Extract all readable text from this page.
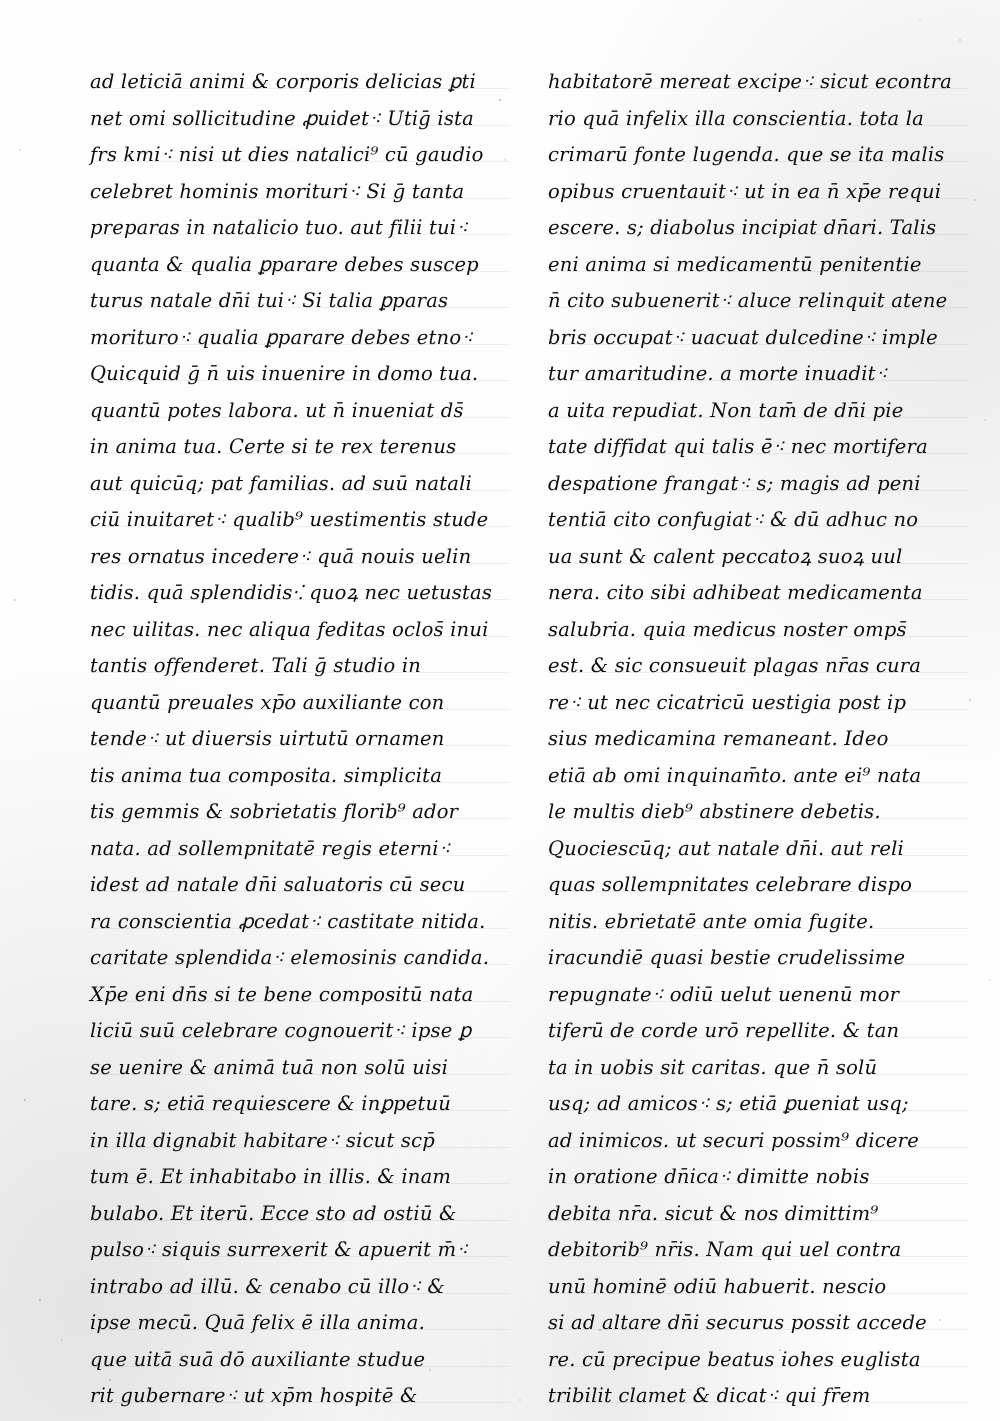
ad leticiā animi & corporis delicias ꝑti
net omi sollicitudine ꝓuidet⁖ Utiḡ ista
frs kmi⁖ nisi ut dies natalici⁹ cū gaudio
celebret hominis morituri⁖ Si ḡ tanta
preparas in natalicio tuo. aut filii tui⁖
quanta & qualia ꝑparare debes suscep
turus natale dn̄i tui⁖ Si talia ꝑparas
morituro⁖ qualia ꝑparare debes etno⁖
Quicquid ḡ n̄ uis inuenire in domo tua.
quantū potes labora. ut n̄ inueniat ds̄
in anima tua. Certe si te rex terenus
aut quicūq; pat familias. ad suū natali
ciū inuitaret⁖ qualib⁹ uestimentis stude
res ornatus incedere⁖ quā nouis uelin
tidis. quā splendidis⁖ quoꝝ nec uetustas
nec uilitas. nec aliqua feditas oclos̄ inui
tantis offenderet. Tali ḡ studio in
quantū preuales xp̄o auxiliante con
tende⁖ ut diuersis uirtutū ornamen
tis anima tua composita. simplicita
tis gemmis & sobrietatis florib⁹ ador
nata. ad sollempnitatē regis eterni⁖
idest ad natale dn̄i saluatoris cū secu
ra conscientia ꝓcedat⁖ castitate nitida.
caritate splendida⁖ elemosinis candida.
Xp̄e eni dn̄s si te bene compositū nata
liciū suū celebrare cognouerit⁖ ipse ꝑ
se uenire & animā tuā non solū uisi
tare. s; etiā requiescere & inꝑpetuū
in illa dignabit habitare⁖ sicut scp̄
tum ē. Et inhabitabo in illis. & inam
bulabo. Et iterū. Ecce sto ad ostiū &
pulso⁖ siquis surrexerit & apuerit m̄⁖
intrabo ad illū. & cenabo cū illo⁖ &
ipse mecū. Quā felix ē illa anima.
que uitā suā dō auxiliante studue
rit gubernare⁖ ut xp̄m hospitē &
habitatorē mereat excipe⁖ sicut econtra
rio quā infelix illa conscientia. tota la
crimarū fonte lugenda. que se ita malis
opibus cruentauit⁖ ut in ea n̄ xp̄e requi
escere. s; diabolus incipiat dn̄ari. Talis
eni anima si medicamentū penitentie
n̄ cito subuenerit⁖ aluce relinquit atene
bris occupat⁖ uacuat dulcedine⁖ imple
tur amaritudine. a morte inuadit⁖
a uita repudiat. Non tam̄ de dn̄i pie
tate diffidat qui talis ē⁖ nec mortifera
despatione frangat⁖ s; magis ad peni
tentiā cito confugiat⁖ & dū adhuc no
ua sunt & calent peccatoꝝ suoꝝ uul
nera. cito sibi adhibeat medicamenta
salubria. quia medicus noster omps̄
est. & sic consueuit plagas nr̄as cura
re⁖ ut nec cicatricū uestigia post ip
sius medicamina remaneant. Ideo
etiā ab omi inquinam̄to. ante ei⁹ nata
le multis dieb⁹ abstinere debetis.
Quociescūq; aut natale dn̄i. aut reli
quas sollempnitates celebrare dispo
nitis. ebrietatē ante omia fugite.
iracundiē quasi bestie crudelissime
repugnate⁖ odiū uelut uenenū mor
tiferū de corde urō repellite. & tan
ta in uobis sit caritas. que n̄ solū
usq; ad amicos⁖ s; etiā ꝑueniat usq;
ad inimicos. ut securi possim⁹ dicere
in oratione dn̄ica⁖ dimitte nobis
debita nr̄a. sicut & nos dimittim⁹
debitorib⁹ nr̄is. Nam qui uel contra
unū hominē odiū habuerit. nescio
si ad altare dn̄i securus possit accede
re. cū precipue beatus iohes euglista
tribilit clamet & dicat⁖ qui fr̄em
